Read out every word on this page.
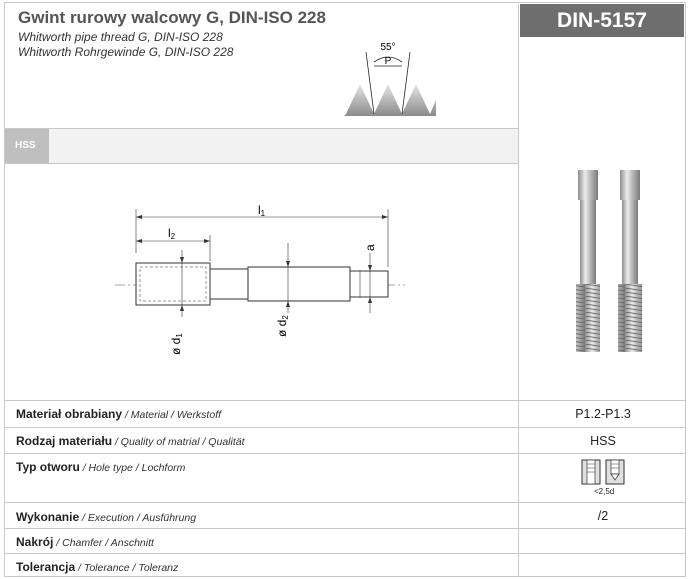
Gwint rurowy walcowy G, DIN-ISO 228
Whitworth pipe thread G, DIN-ISO 228
Whitworth Rohrgewinde G, DIN-ISO 228
DIN-5157
55°
P
HSS
l1
l2
ø d1	ø d2
a
Materiał obrabiany / Material / Werkstoff	P1.2-P1.3
Rodzaj materiału / Quality of matrial / Qualität	HSS
Typ otworu / Hole type / Lochform
<2,5d
Wykonanie / Execution / Ausführung	/2
Nakrój / Chamfer / Anschnitt
Tolerancja / Tolerance / Toleranz
